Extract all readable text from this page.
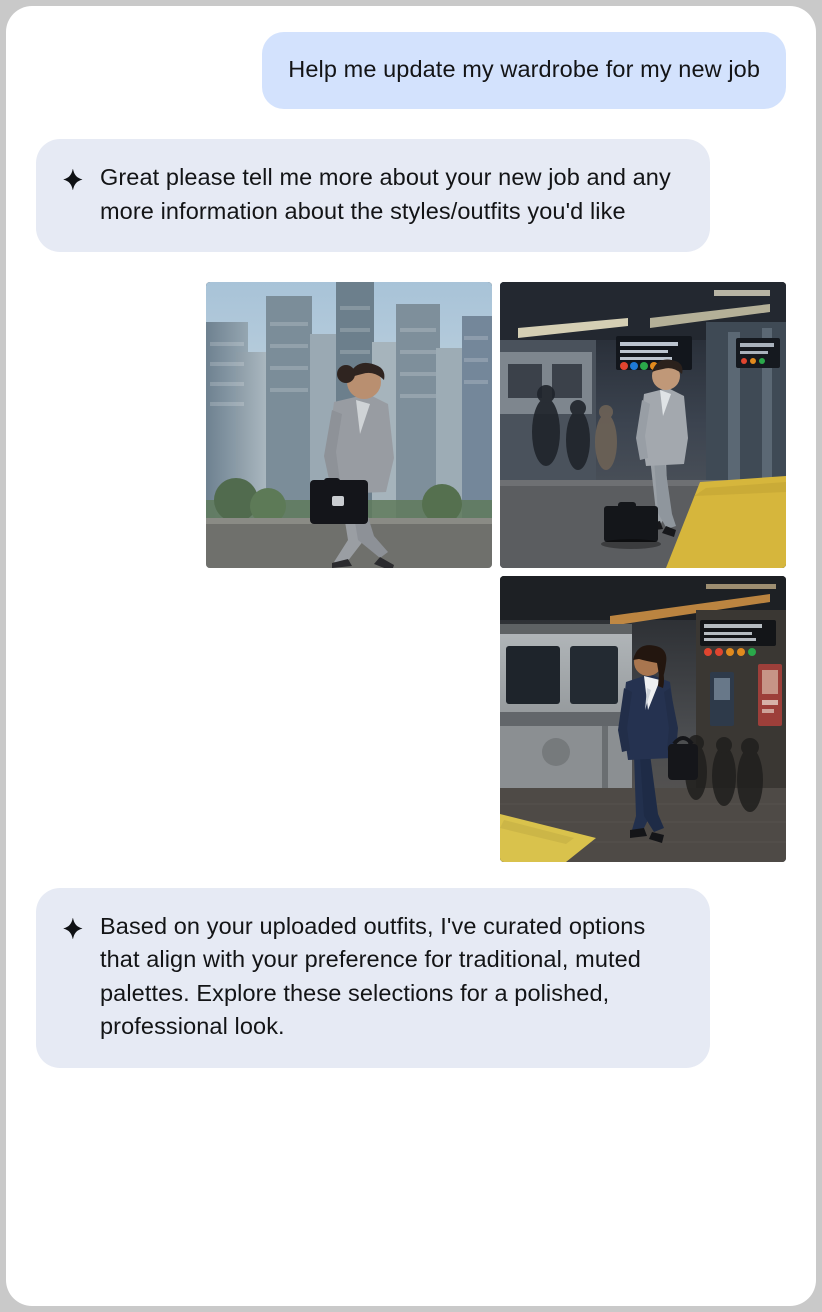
Help me update my wardrobe for my new job
Great please tell me more about your new job and any more information about the styles/outfits you'd like
Based on your uploaded outfits, I've curated options that align with your preference for traditional, muted palettes. Explore these selections for a polished, professional look.
